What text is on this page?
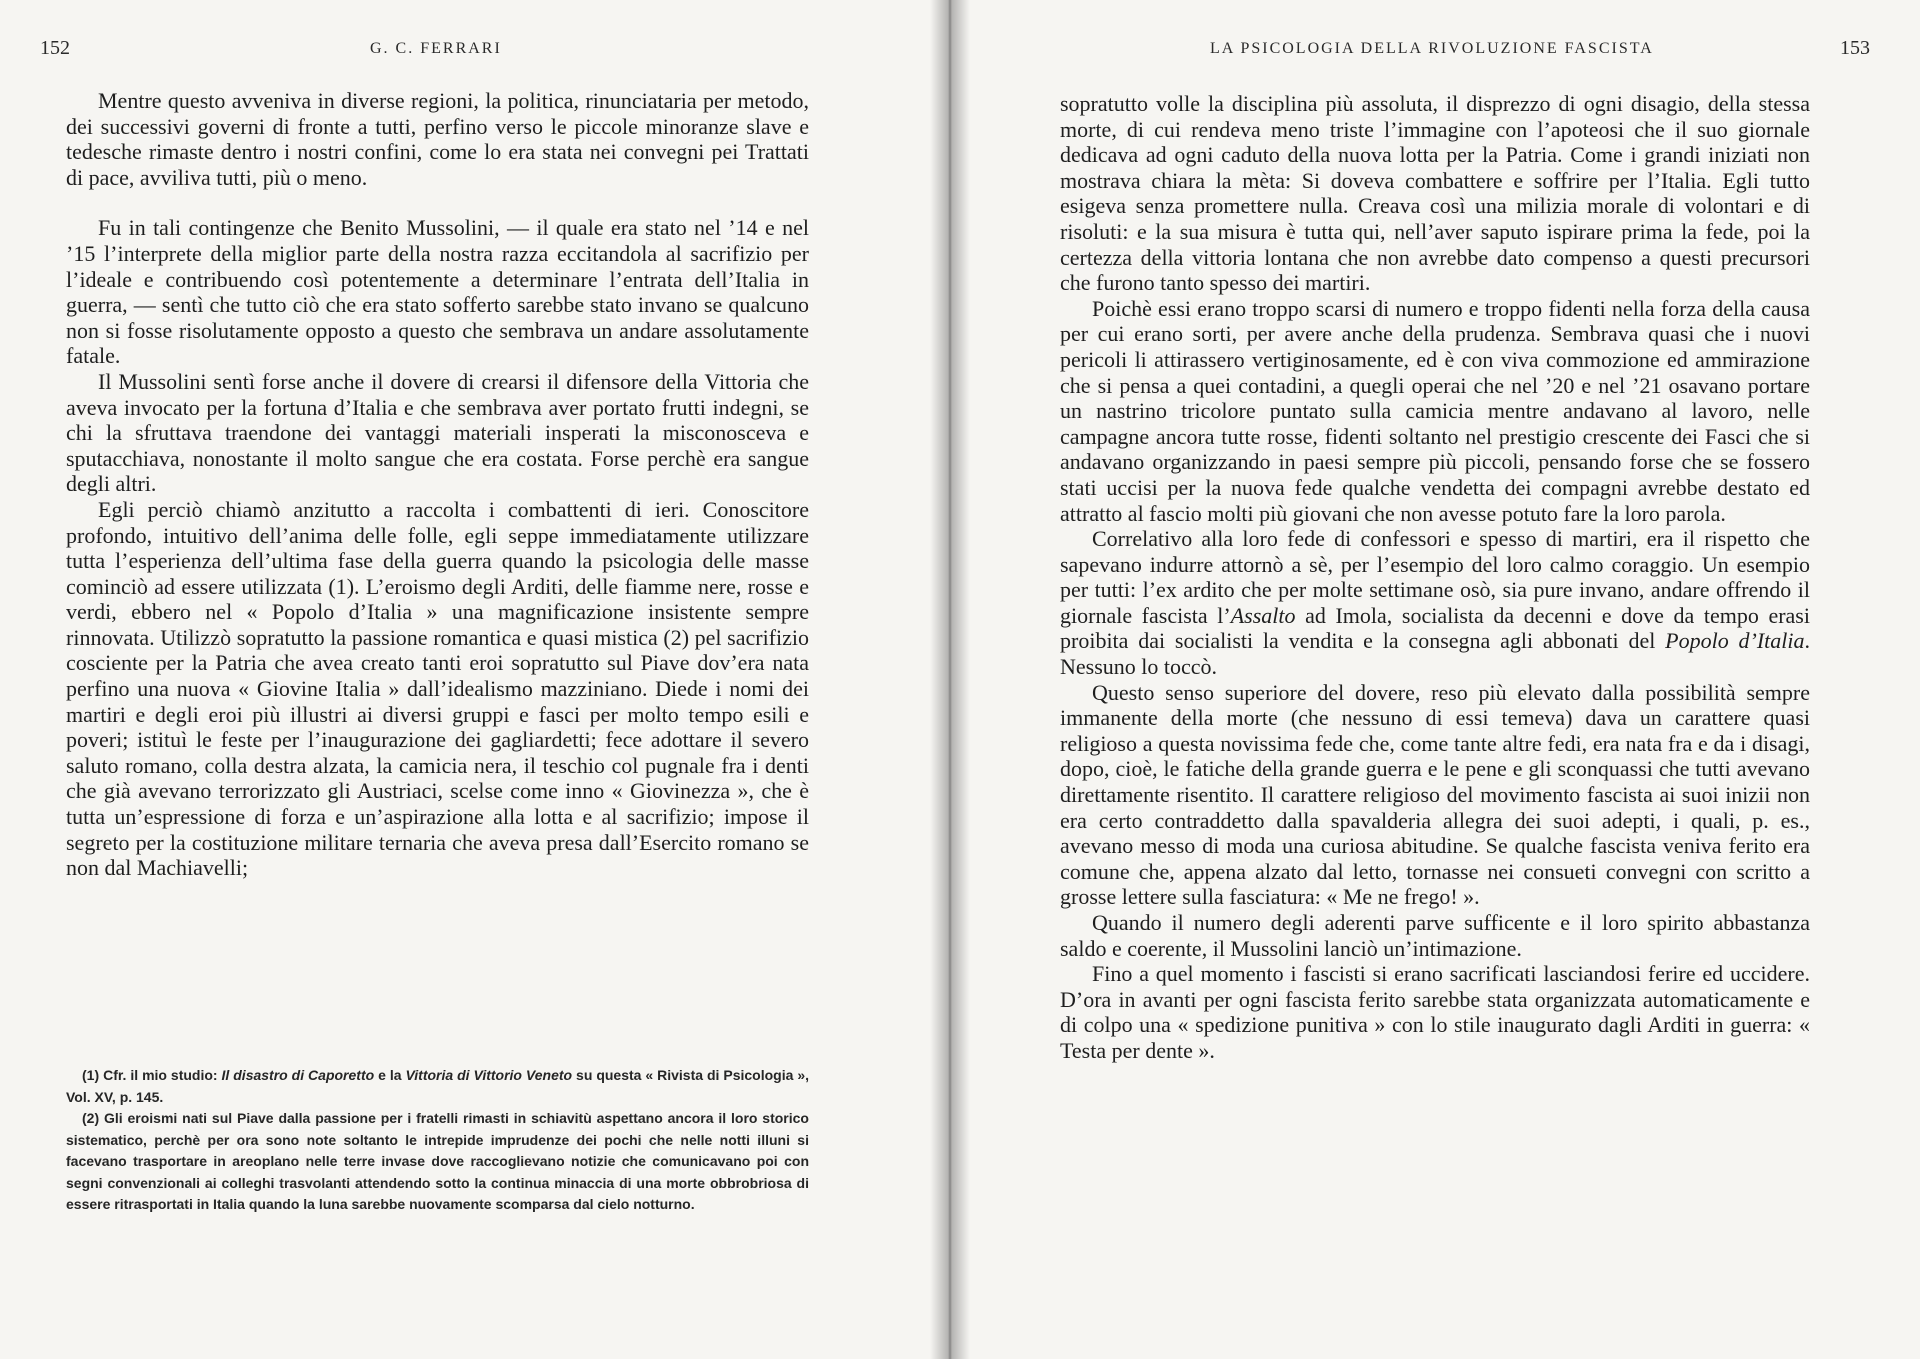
152	G. C. FERRARI

Mentre questo avveniva in diverse regioni, la politica, rinunciataria per metodo, dei successivi governi di fronte a tutti, perfino verso le piccole minoranze slave e tedesche rimaste dentro i nostri confini, come lo era stata nei convegni pei Trattati di pace, avviliva tutti, più o meno.

Fu in tali contingenze che Benito Mussolini, — il quale era stato nel ’14 e nel ’15 l’interprete della miglior parte della nostra razza eccitandola al sacrifizio per l’ideale e contribuendo così potentemente a determinare l’entrata dell’Italia in guerra, — sentì che tutto ciò che era stato sofferto sarebbe stato invano se qualcuno non si fosse risolutamente opposto a questo che sembrava un andare assolutamente fatale.

Il Mussolini sentì forse anche il dovere di crearsi il difensore della Vittoria che aveva invocato per la fortuna d’Italia e che sembrava aver portato frutti indegni, se chi la sfruttava traendone dei vantaggi materiali insperati la misconosceva e sputacchiava, nonostante il molto sangue che era costata. Forse perchè era sangue degli altri.

Egli perciò chiamò anzitutto a raccolta i combattenti di ieri. Conoscitore profondo, intuitivo dell’anima delle folle, egli seppe immediatamente utilizzare tutta l’esperienza dell’ultima fase della guerra quando la psicologia delle masse cominciò ad essere utilizzata (1). L’eroismo degli Arditi, delle fiamme nere, rosse e verdi, ebbero nel « Popolo d’Italia » una magnificazione insistente sempre rinnovata. Utilizzò sopratutto la passione romantica e quasi mistica (2) pel sacrifizio cosciente per la Patria che avea creato tanti eroi sopratutto sul Piave dov’era nata perfino una nuova « Giovine Italia » dall’idealismo mazziniano. Diede i nomi dei martiri e degli eroi più illustri ai diversi gruppi e fasci per molto tempo esili e poveri; istituì le feste per l’inaugurazione dei gagliardetti; fece adottare il severo saluto romano, colla destra alzata, la camicia nera, il teschio col pugnale fra i denti che già avevano terrorizzato gli Austriaci, scelse come inno « Giovinezza », che è tutta un’espressione di forza e un’aspirazione alla lotta e al sacrifizio; impose il segreto per la costituzione militare ternaria che aveva presa dall’Esercito romano se non dal Machiavelli;

(1) Cfr. il mio studio: Il disastro di Caporetto e la Vittoria di Vittorio Veneto su questa « Rivista di Psicologia », Vol. XV, p. 145.

(2) Gli eroismi nati sul Piave dalla passione per i fratelli rimasti in schiavitù aspettano ancora il loro storico sistematico, perchè per ora sono note soltanto le intrepide imprudenze dei pochi che nelle notti illuni si facevano trasportare in areoplano nelle terre invase dove raccoglievano notizie che comunicavano poi con segni convenzionali ai colleghi trasvolanti attendendo sotto la continua minaccia di una morte obbrobriosa di essere ritrasportati in Italia quando la luna sarebbe nuovamente scomparsa dal cielo notturno.

LA PSICOLOGIA DELLA RIVOLUZIONE FASCISTA	153

sopratutto volle la disciplina più assoluta, il disprezzo di ogni disagio, della stessa morte, di cui rendeva meno triste l’immagine con l’apoteosi che il suo giornale dedicava ad ogni caduto della nuova lotta per la Patria. Come i grandi iniziati non mostrava chiara la mèta: Si doveva combattere e soffrire per l’Italia. Egli tutto esigeva senza promettere nulla. Creava così una milizia morale di volontari e di risoluti: e la sua misura è tutta qui, nell’aver saputo ispirare prima la fede, poi la certezza della vittoria lontana che non avrebbe dato compenso a questi precursori che furono tanto spesso dei martiri.

Poichè essi erano troppo scarsi di numero e troppo fidenti nella forza della causa per cui erano sorti, per avere anche della prudenza. Sembrava quasi che i nuovi pericoli li attirassero vertiginosamente, ed è con viva commozione ed ammirazione che si pensa a quei contadini, a quegli operai che nel ’20 e nel ’21 osavano portare un nastrino tricolore puntato sulla camicia mentre andavano al lavoro, nelle campagne ancora tutte rosse, fidenti soltanto nel prestigio crescente dei Fasci che si andavano organizzando in paesi sempre più piccoli, pensando forse che se fossero stati uccisi per la nuova fede qualche vendetta dei compagni avrebbe destato ed attratto al fascio molti più giovani che non avesse potuto fare la loro parola.

Correlativo alla loro fede di confessori e spesso di martiri, era il rispetto che sapevano indurre attornò a sè, per l’esempio del loro calmo coraggio. Un esempio per tutti: l’ex ardito che per molte settimane osò, sia pure invano, andare offrendo il giornale fascista l’Assalto ad Imola, socialista da decenni e dove da tempo erasi proibita dai socialisti la vendita e la consegna agli abbonati del Popolo d’Italia. Nessuno lo toccò.

Questo senso superiore del dovere, reso più elevato dalla possibilità sempre immanente della morte (che nessuno di essi temeva) dava un carattere quasi religioso a questa novissima fede che, come tante altre fedi, era nata fra e da i disagi, dopo, cioè, le fatiche della grande guerra e le pene e gli sconquassi che tutti avevano direttamente risentito. Il carattere religioso del movimento fascista ai suoi inizii non era certo contraddetto dalla spavalderia allegra dei suoi adepti, i quali, p. es., avevano messo di moda una curiosa abitudine. Se qualche fascista veniva ferito era comune che, appena alzato dal letto, tornasse nei consueti convegni con scritto a grosse lettere sulla fasciatura: « Me ne frego! ».

Quando il numero degli aderenti parve sufficente e il loro spirito abbastanza saldo e coerente, il Mussolini lanciò un’intimazione.

Fino a quel momento i fascisti si erano sacrificati lasciandosi ferire ed uccidere. D’ora in avanti per ogni fascista ferito sarebbe stata organizzata automaticamente e di colpo una « spedizione punitiva » con lo stile inaugurato dagli Arditi in guerra: « Testa per dente ».
